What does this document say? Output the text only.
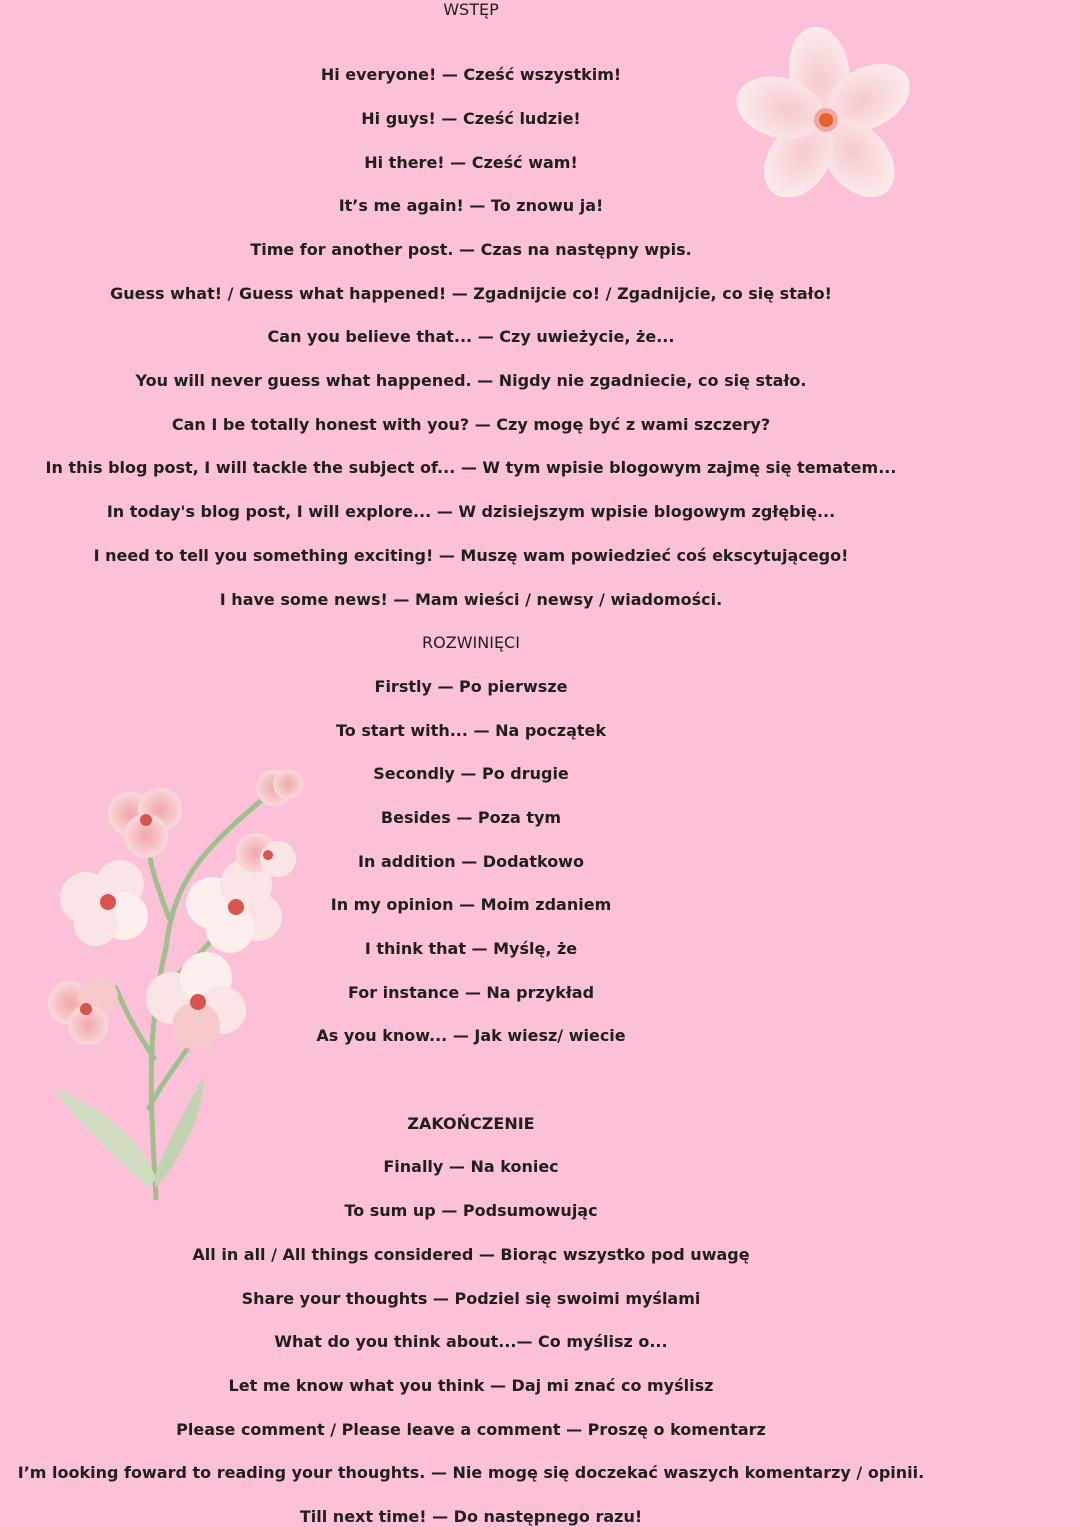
WSTĘP
Hi everyone! — Cześć wszystkim!
Hi guys! — Cześć ludzie!
Hi there! — Cześć wam!
It’s me again! — To znowu ja!
Time for another post. — Czas na następny wpis.
Guess what! / Guess what happened! — Zgadnijcie co! / Zgadnijcie, co się stało!
Can you believe that... — Czy uwieżycie, że...
You will never guess what happened. — Nigdy nie zgadniecie, co się stało.
Can I be totally honest with you? — Czy mogę być z wami szczery?
In this blog post, I will tackle the subject of... — W tym wpisie blogowym zajmę się tematem...
In today's blog post, I will explore... — W dzisiejszym wpisie blogowym zgłębię...
I need to tell you something exciting! — Muszę wam powiedzieć coś ekscytującego!
I have some news! — Mam wieści / newsy / wiadomości.
ROZWINIĘCI
Firstly — Po pierwsze
To start with... — Na początek
Secondly — Po drugie
Besides — Poza tym
In addition — Dodatkowo
In my opinion — Moim zdaniem
I think that — Myślę, że
For instance — Na przykład
As you know... — Jak wiesz/ wiecie
ZAKOŃCZENIE
Finally — Na koniec
To sum up — Podsumowując
All in all / All things considered — Biorąc wszystko pod uwagę
Share your thoughts — Podziel się swoimi myślami
What do you think about...— Co myślisz o...
Let me know what you think — Daj mi znać co myślisz
Please comment / Please leave a comment — Proszę o komentarz
I’m looking foward to reading your thoughts. — Nie mogę się doczekać waszych komentarzy / opinii.
Till next time! — Do następnego razu!
